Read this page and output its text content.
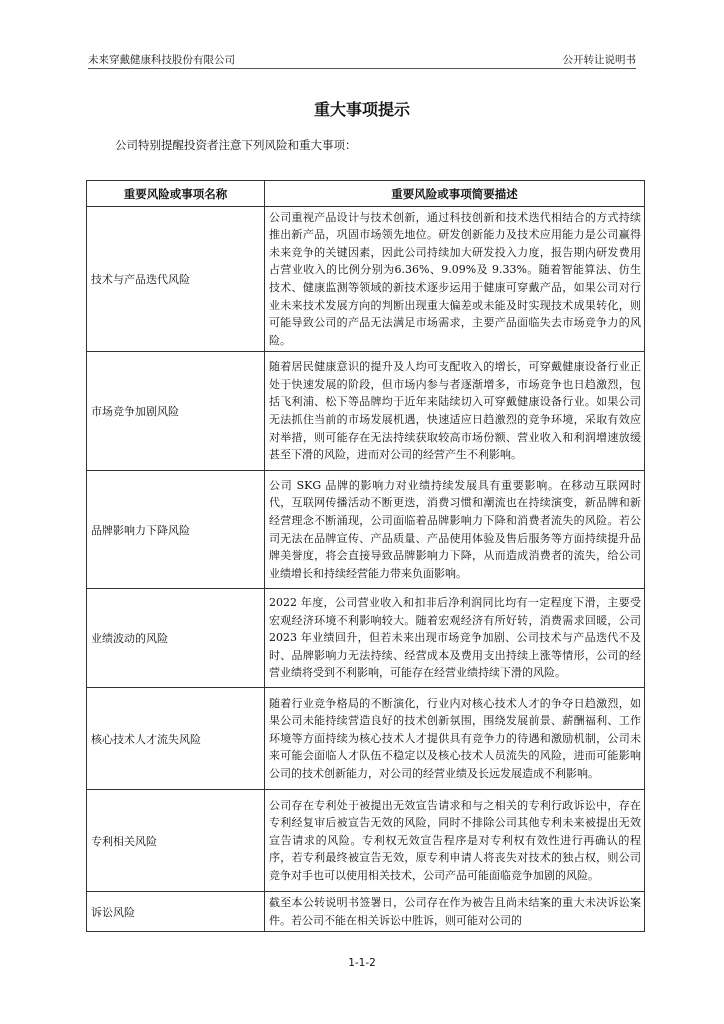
未来穿戴健康科技股份有限公司	公开转让说明书
重大事项提示
公司特别提醒投资者注意下列风险和重大事项：
重要风险或事项名称	重要风险或事项简要描述
技术与产品迭代风险	公司重视产品设计与技术创新，通过科技创新和技术迭代相结合的方式持续推出新产品，巩固市场领先地位。研发创新能力及技术应用能力是公司赢得未来竞争的关键因素，因此公司持续加大研发投入力度，报告期内研发费用占营业收入的比例分别为6.36%、9.09%及 9.33%。随着智能算法、仿生技术、健康监测等领域的新技术逐步运用于健康可穿戴产品，如果公司对行业未来技术发展方向的判断出现重大偏差或未能及时实现技术成果转化，则可能导致公司的产品无法满足市场需求，主要产品面临失去市场竞争力的风险。
市场竞争加剧风险	随着居民健康意识的提升及人均可支配收入的增长，可穿戴健康设备行业正处于快速发展的阶段，但市场内参与者逐渐增多，市场竞争也日趋激烈，包括飞利浦、松下等品牌均于近年来陆续切入可穿戴健康设备行业。如果公司无法抓住当前的市场发展机遇，快速适应日趋激烈的竞争环境，采取有效应对举措，则可能存在无法持续获取较高市场份额、营业收入和利润增速放缓甚至下滑的风险，进而对公司的经营产生不利影响。
品牌影响力下降风险	公司 SKG 品牌的影响力对业绩持续发展具有重要影响。在移动互联网时代，互联网传播活动不断更迭，消费习惯和潮流也在持续演变，新品牌和新经营理念不断涌现，公司面临着品牌影响力下降和消费者流失的风险。若公司无法在品牌宣传、产品质量、产品使用体验及售后服务等方面持续提升品牌美誉度，将会直接导致品牌影响力下降，从而造成消费者的流失，给公司业绩增长和持续经营能力带来负面影响。
业绩波动的风险	2022 年度，公司营业收入和扣非后净利润同比均有一定程度下滑，主要受宏观经济环境不利影响较大。随着宏观经济有所好转，消费需求回暖，公司 2023 年业绩回升，但若未来出现市场竞争加剧、公司技术与产品迭代不及时、品牌影响力无法持续、经营成本及费用支出持续上涨等情形，公司的经营业绩将受到不利影响，可能存在经营业绩持续下滑的风险。
核心技术人才流失风险	随着行业竞争格局的不断演化，行业内对核心技术人才的争夺日趋激烈，如果公司未能持续营造良好的技术创新氛围，围绕发展前景、薪酬福利、工作环境等方面持续为核心技术人才提供具有竞争力的待遇和激励机制，公司未来可能会面临人才队伍不稳定以及核心技术人员流失的风险，进而可能影响公司的技术创新能力，对公司的经营业绩及长远发展造成不利影响。
专利相关风险	公司存在专利处于被提出无效宣告请求和与之相关的专利行政诉讼中，存在专利经复审后被宣告无效的风险，同时不排除公司其他专利未来被提出无效宣告请求的风险。专利权无效宣告程序是对专利权有效性进行再确认的程序，若专利最终被宣告无效，原专利申请人将丧失对技术的独占权，则公司竞争对手也可以使用相关技术，公司产品可能面临竞争加剧的风险。
诉讼风险	截至本公转说明书签署日，公司存在作为被告且尚未结案的重大未决诉讼案件。若公司不能在相关诉讼中胜诉，则可能对公司的
1-1-2
